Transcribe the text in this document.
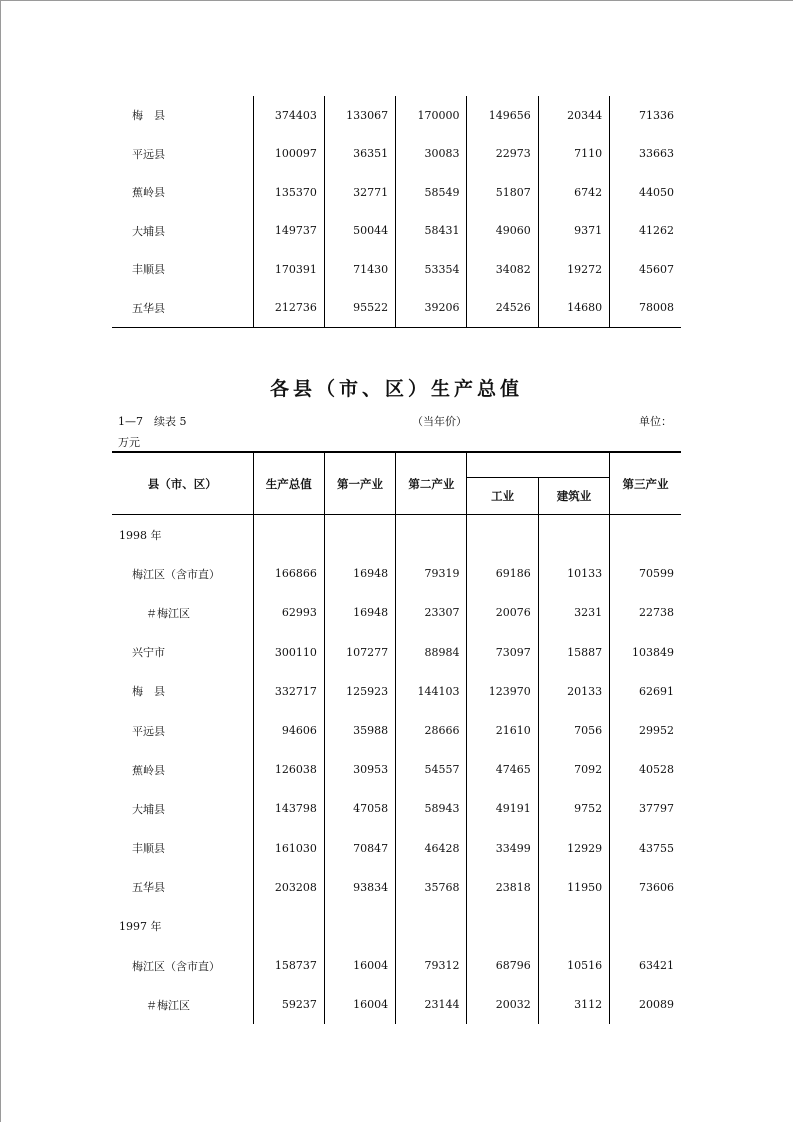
梅　县	374403	133067	170000	149656	20344	71336
平远县	100097	36351	30083	22973	7110	33663
蕉岭县	135370	32771	58549	51807	6742	44050
大埔县	149737	50044	58431	49060	9371	41262
丰顺县	170391	71430	53354	34082	19272	45607
五华县	212736	95522	39206	24526	14680	78008
各县（市、区）生产总值
1—7　续表 5	（当年价）	单位：
万元
县（市、区）	生产总值	第一产业	第二产业			第三产业
				工业	建筑业	
1998 年						
梅江区（含市直）	166866	16948	79319	69186	10133	70599
＃梅江区	62993	16948	23307	20076	3231	22738
兴宁市	300110	107277	88984	73097	15887	103849
梅　县	332717	125923	144103	123970	20133	62691
平远县	94606	35988	28666	21610	7056	29952
蕉岭县	126038	30953	54557	47465	7092	40528
大埔县	143798	47058	58943	49191	9752	37797
丰顺县	161030	70847	46428	33499	12929	43755
五华县	203208	93834	35768	23818	11950	73606
1997 年						
梅江区（含市直）	158737	16004	79312	68796	10516	63421
＃梅江区	59237	16004	23144	20032	3112	20089
